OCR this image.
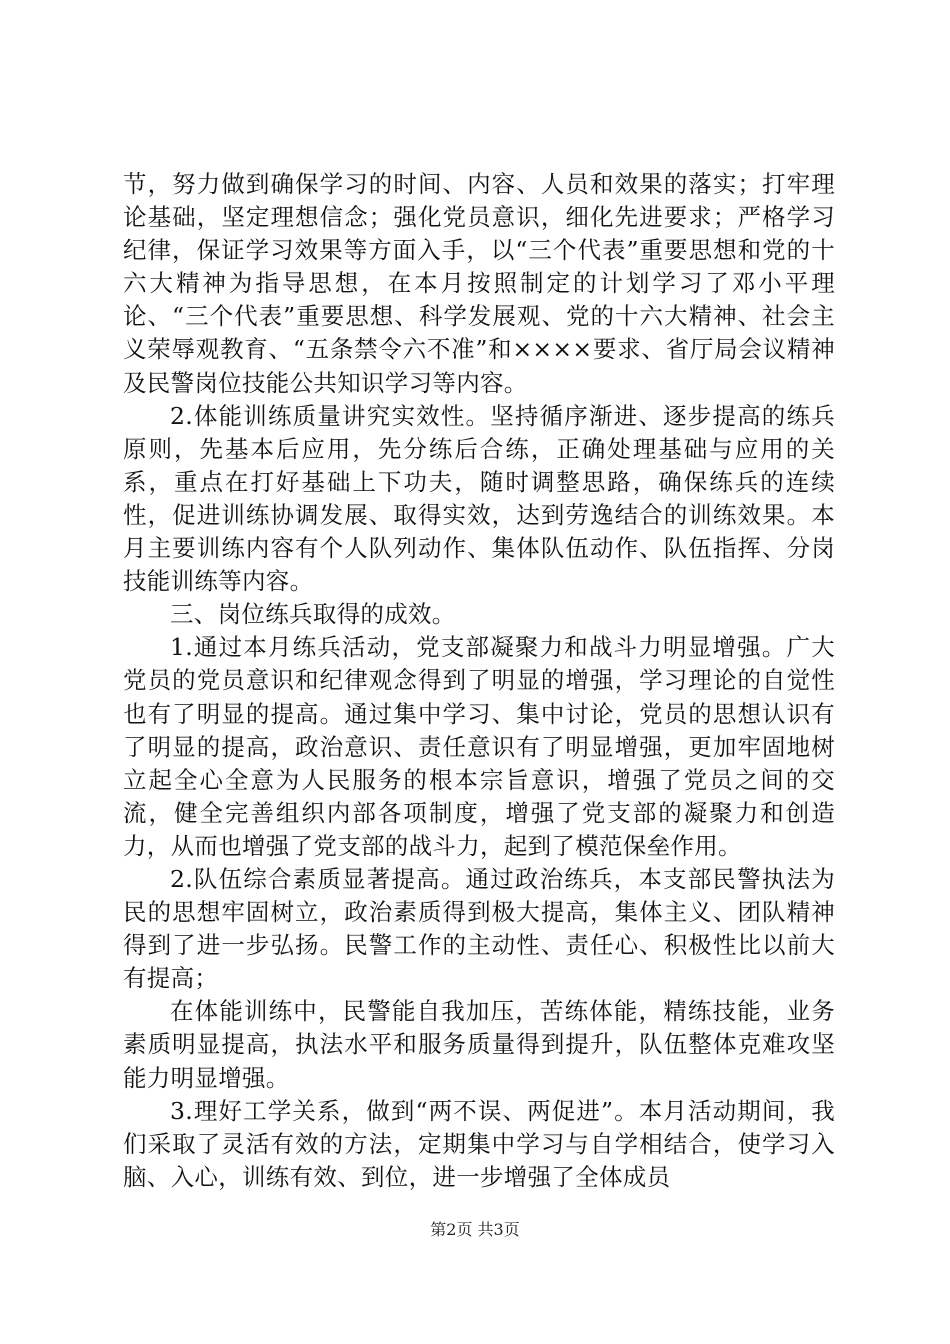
节，努力做到确保学习的时间、内容、人员和效果的落实；打牢理论基础，坚定理想信念；强化党员意识，细化先进要求；严格学习纪律，保证学习效果等方面入手，以“三个代表”重要思想和党的十六大精神为指导思想，在本月按照制定的计划学习了邓小平理论、“三个代表”重要思想、科学发展观、党的十六大精神、社会主义荣辱观教育、“五条禁令六不准”和××××要求、省厅局会议精神及民警岗位技能公共知识学习等内容。

2.体能训练质量讲究实效性。坚持循序渐进、逐步提高的练兵原则，先基本后应用，先分练后合练，正确处理基础与应用的关系，重点在打好基础上下功夫，随时调整思路，确保练兵的连续性，促进训练协调发展、取得实效，达到劳逸结合的训练效果。本月主要训练内容有个人队列动作、集体队伍动作、队伍指挥、分岗技能训练等内容。

三、岗位练兵取得的成效。

1.通过本月练兵活动，党支部凝聚力和战斗力明显增强。广大党员的党员意识和纪律观念得到了明显的增强，学习理论的自觉性也有了明显的提高。通过集中学习、集中讨论，党员的思想认识有了明显的提高，政治意识、责任意识有了明显增强，更加牢固地树立起全心全意为人民服务的根本宗旨意识，增强了党员之间的交流，健全完善组织内部各项制度，增强了党支部的凝聚力和创造力，从而也增强了党支部的战斗力，起到了模范保垒作用。

2.队伍综合素质显著提高。通过政治练兵，本支部民警执法为民的思想牢固树立，政治素质得到极大提高，集体主义、团队精神得到了进一步弘扬。民警工作的主动性、责任心、积极性比以前大有提高；

在体能训练中，民警能自我加压，苦练体能，精练技能，业务素质明显提高，执法水平和服务质量得到提升，队伍整体克难攻坚能力明显增强。

3.理好工学关系，做到“两不误、两促进”。本月活动期间，我们采取了灵活有效的方法，定期集中学习与自学相结合，使学习入脑、入心，训练有效、到位，进一步增强了全体成员

第2页 共3页
